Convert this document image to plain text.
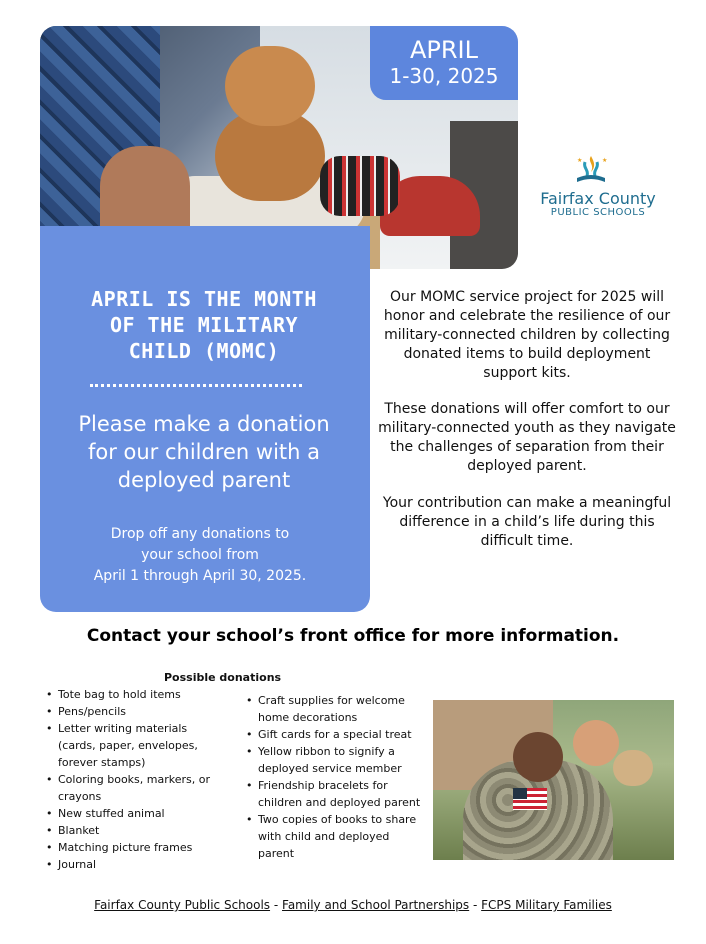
APRIL
1-30, 2025
★	★
Fairfax County
PUBLIC SCHOOLS
APRIL IS THE MONTH
OF THE MILITARY
CHILD (MOMC)
Please make a donation
for our children with a
deployed parent
Drop off any donations to
your school from
April 1 through April 30, 2025.
Our MOMC service project for 2025 will honor and celebrate the resilience of our military-connected children by collecting donated items to build deployment support kits.
These donations will offer comfort to our military-connected youth as they navigate the challenges of separation from their deployed parent.
Your contribution can make a meaningful difference in a child’s life during this difficult time.
Contact your school’s front office for more information.
Possible donations
• Tote bag to hold items
• Pens/pencils
• Letter writing materials (cards, paper, envelopes, forever stamps)
• Coloring books, markers, or crayons
• New stuffed animal
• Blanket
• Matching picture frames
• Journal
• Craft supplies for welcome home decorations
• Gift cards for a special treat
• Yellow ribbon to signify a deployed service member
• Friendship bracelets for children and deployed parent
• Two copies of books to share with child and deployed parent
Fairfax County Public Schools - Family and School Partnerships - FCPS Military Families
